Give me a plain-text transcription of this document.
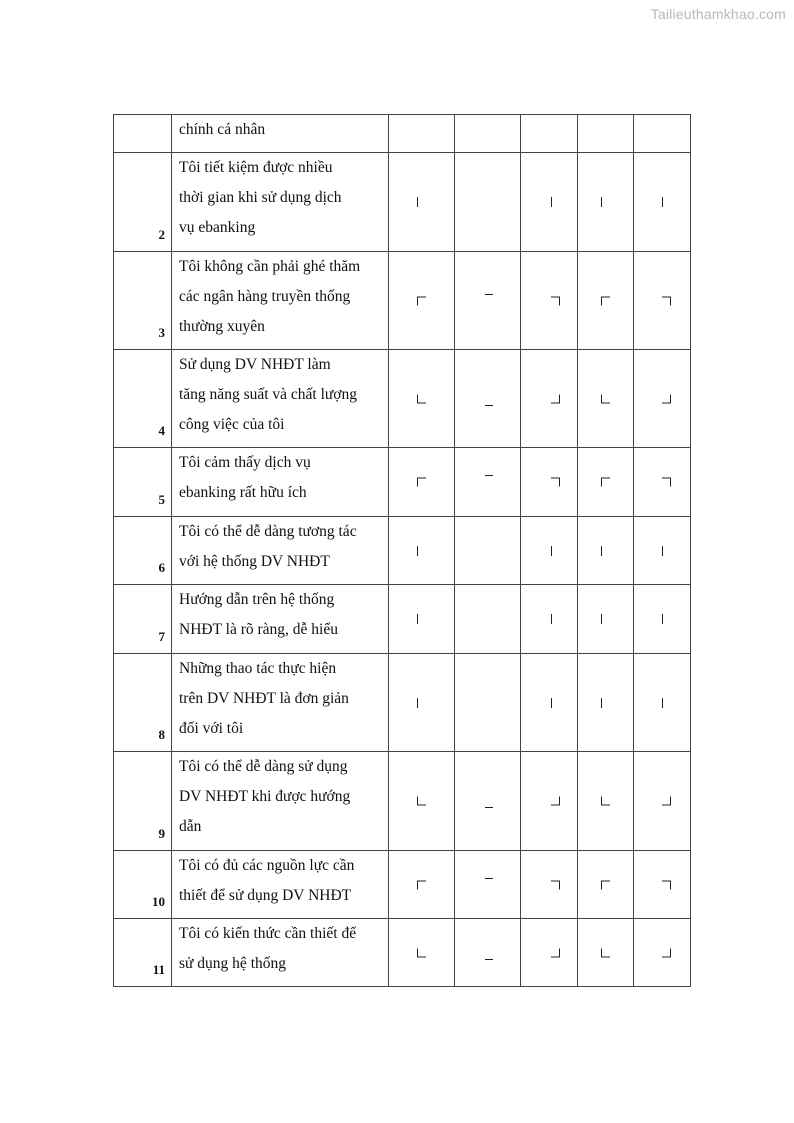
Tailieuthamkhao.com

	chính cá nhân					

2	Tôi tiết kiệm được nhiều
thời gian khi sử dụng dịch
vụ ebanking					

3	Tôi không cần phải ghé thăm
các ngân hàng truyền thống
thường xuyên					

4	Sử dụng DV NHĐT làm
tăng năng suất và chất lượng
công việc của tôi					

5	Tôi cảm thấy dịch vụ
ebanking rất hữu ích					

6	Tôi có thể dễ dàng tương tác
với hệ thống DV NHĐT					

7	Hướng dẫn trên hệ thống
NHĐT là rõ ràng, dễ hiểu					

8	Những thao tác thực hiện
trên DV NHĐT là đơn giản
đối với tôi					

9	Tôi có thể dễ dàng sử dụng
DV NHĐT khi được hướng
dẫn					

10	Tôi có đủ các nguồn lực cần
thiết để sử dụng DV NHĐT					

11	Tôi có kiến thức cần thiết để
sử dụng hệ thống					
